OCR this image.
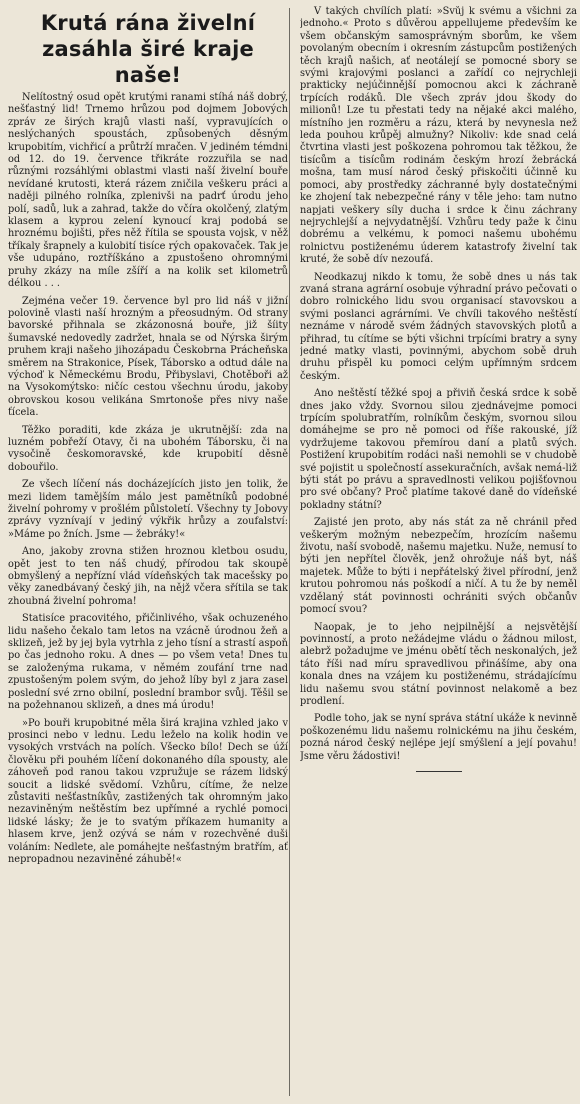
Krutá rána živelní zasáhla širé kraje naše!

Nelítostný osud opět krutými ranami stíhá náš dobrý, nešťastný lid! Trnemo hrůzou pod dojmem Jobových zpráv ze širých krajů vlasti naší, vypravujících o neslýchaných spoustách, způsobených děsným krupobitím, vichřicí a průtrží mračen. V jediném témdni od 12. do 19. července třikráte rozzuřila se nad různými rozsáhlými oblastmi vlasti naší živelní bouře nevídané krutosti, která rázem zničila veškeru práci a naději pilného rolníka, zplenivši na padrť úrodu jeho polí, sadů, luk a zahrad, takže do včíra okolčený, zlatým klasem a kyprou zelení kynoucí kraj podobá se hroznému bojišti, přes něž řítila se spousta vojsk, v něž tříkaly šrapnely a kulobití tisíce rých opakovaček. Tak je vše udupáno, roztříškáno a zpustošeno ohromnými pruhy zkázy na míle zšíří a na kolik set kilometrů délkou . . .

Zejména večer 19. července byl pro lid náš v jižní polovině vlasti naší hrozným a přeosudným. Od strany bavorské přihnala se zkázonosná bouře, již šíity šumavské nedovedly zadržet, hnala se od Nýrska širým pruhem kraji našeho jihozápadu Českobrna Prácheňska směrem na Strakonice, Písek, Táborsko a odtud dále na výchoď k Německému Brodu, Přibyslavi, Chotěboři až na Vysokomýtsko: ničíc cestou všechnu úrodu, jakoby obrovskou kosou velikána Smrtonoše přes nivy naše ťícela.

Těžko poraditi, kde zkáza je ukrutnější: zda na luzném pobřeží Otavy, či na ubohém Táborsku, či na vysočině českomoravské, kde krupobití děsně dobouřilo.

Ze všech líčení nás docházejících jisto jen tolik, že mezi lidem tamějším málo jest pamětníků podobné živelní pohromy v prošlém půlstoletí. Všechny ty Jobovy zprávy vyznívají v jediný výkřik hrůzy a zoufalství: »Máme po žních. Jsme — žebráky!«

Ano, jakoby zrovna stižen hroznou kletbou osudu, opět jest to ten náš chudý, přírodou tak skoupě obmyšlený a nepřízní vlád vídeňských tak macešsky po věky zanedbávaný český jih, na nějž včera sřítila se tak zhoubná živelní pohroma!

Statisíce pracovitého, přičinlivého, však ochuzeného lidu našeho čekalo tam letos na vzácně úrodnou žeň a sklizeň, jež by jej byla vytrhla z jeho tísní a strastí aspoň po čas jednoho roku. A dnes — po všem veta! Dnes tu se založenýma rukama, v němém zoufání trne nad zpustošeným polem svým, do jehož líby byl z jara zasel poslední své zrno obilní, poslední brambor svůj. Těšil se na požehnanou sklizeň, a dnes má úrodu!

»Po bouři krupobitné měla širá krajina vzhled jako v prosinci nebo v lednu. Ledu leželo na kolik hodin ve vysokých vrstvách na polích. Všecko bílo! Dech se úží člověku při pouhém líčení dokonaného díla spousty, ale záhoveň pod ranou takou vzpružuje se rázem lidský soucit a lidské svědomí. Vzhůru, cítíme, že nelze zůstaviti nešťastníkův, zastižených tak ohromným jako nezaviněným neštěstím bez upřímné a rychlé pomoci lidské lásky; že je to svatým příkazem humanity a hlasem krve, jenž ozývá se nám v rozechvěné duši voláním: Nedlete, ale pomáhejte nešťastným bratřím, ať nepropadnou nezaviněné záhubě!«

V takých chvílích platí: »Svůj k svému a všichni za jednoho.« Proto s důvěrou appellujeme především ke všem občanským samosprávným sborům, ke všem povolaným obecním i okresním zástupcům postižených těch krajů našich, ať neotálejí se pomocné sbory se svými krajovými poslanci a zařídí co nejrychleji prakticky nejúčinnější pomocnou akci k záchraně trpících rodáků. Dle všech zpráv jdou škody do milionů! Lze tu přestati tedy na nějaké akci malého, místního jen rozměru a rázu, která by nevynesla než leda pouhou krůpěj almužny? Nikoliv: kde snad celá čtvrtina vlasti jest poškozena pohromou tak těžkou, že tisícům a tisícům rodinám českým hrozí žebrácká mošna, tam musí národ český přiskočiti účinně ku pomoci, aby prostředky záchranné byly dostatečnými ke zhojení tak nebezpečné rány v těle jeho: tam nutno napjati veškery síly ducha i srdce k činu záchrany nejrychlejší a nejvydatnější. Vzhůru tedy paže k činu dobrému a velkému, k pomoci našemu ubohému rolnictvu postiženému úderem katastrofy živelní tak kruté, že sobě dív nezoufá.

Neodkazuj nikdo k tomu, že sobě dnes u nás tak zvaná strana agrární osobuje výhradní právo pečovati o dobro rolnického lidu svou organisací stavovskou a svými poslanci agrárními. Ve chvíli takového neštěstí neznáme v národě svém žádných stavovských plotů a přihrad, tu cítíme se býti všichni trpícími bratry a syny jedné matky vlasti, povinnými, abychom sobě druh druhu přispěl ku pomoci celým upřímným srdcem českým.

Ano neštěstí těžké spoj a přiviň česká srdce k sobě dnes jako vždy. Svornou silou zjednávejme pomoci trpícím spolubratřím, rolníkům českým, svornou silou domáhejme se pro ně pomoci od říše rakouské, jíž vydržujeme takovou přemírou daní a platů svých. Postižení krupobitím rodáci naši nemohli se v chudobě své pojistit u společností assekuračních, avšak nemá-liž býti stát po právu a spravedlnosti velikou pojišťovnou pro své občany? Proč platíme takové daně do vídeňské pokladny státní?

Zajisté jen proto, aby nás stát za ně chránil před veškerým možným nebezpečím, hrozícím našemu životu, naší svobodě, našemu majetku. Nuže, nemusí to býti jen nepřítel člověk, jenž ohrožuje náš byt, náš majetek. Může to býti i nepřátelský živel přírodní, jenž krutou pohromou nás poškodí a ničí. A tu že by neměl vzdělaný stát povinnosti ochrániti svých občanův pomocí svou?

Naopak, je to jeho nejpilnější a nejsvětější povinností, a proto nežádejme vládu o žádnou milost, alebrž požadujme ve jménu obětí těch neskonalých, jež táto říši nad míru spravedlivou přinášíme, aby ona konala dnes na vzájem ku postiženému, strádajícímu lidu našemu svou státní povinnost nelakomě a bez prodlení.

Podle toho, jak se nyní správa státní ukáže k nevinně poškozenému lidu našemu rolnickému na jihu českém, pozná národ český nejlépe její smýšlení a její povahu! Jsme věru žádostivi!
